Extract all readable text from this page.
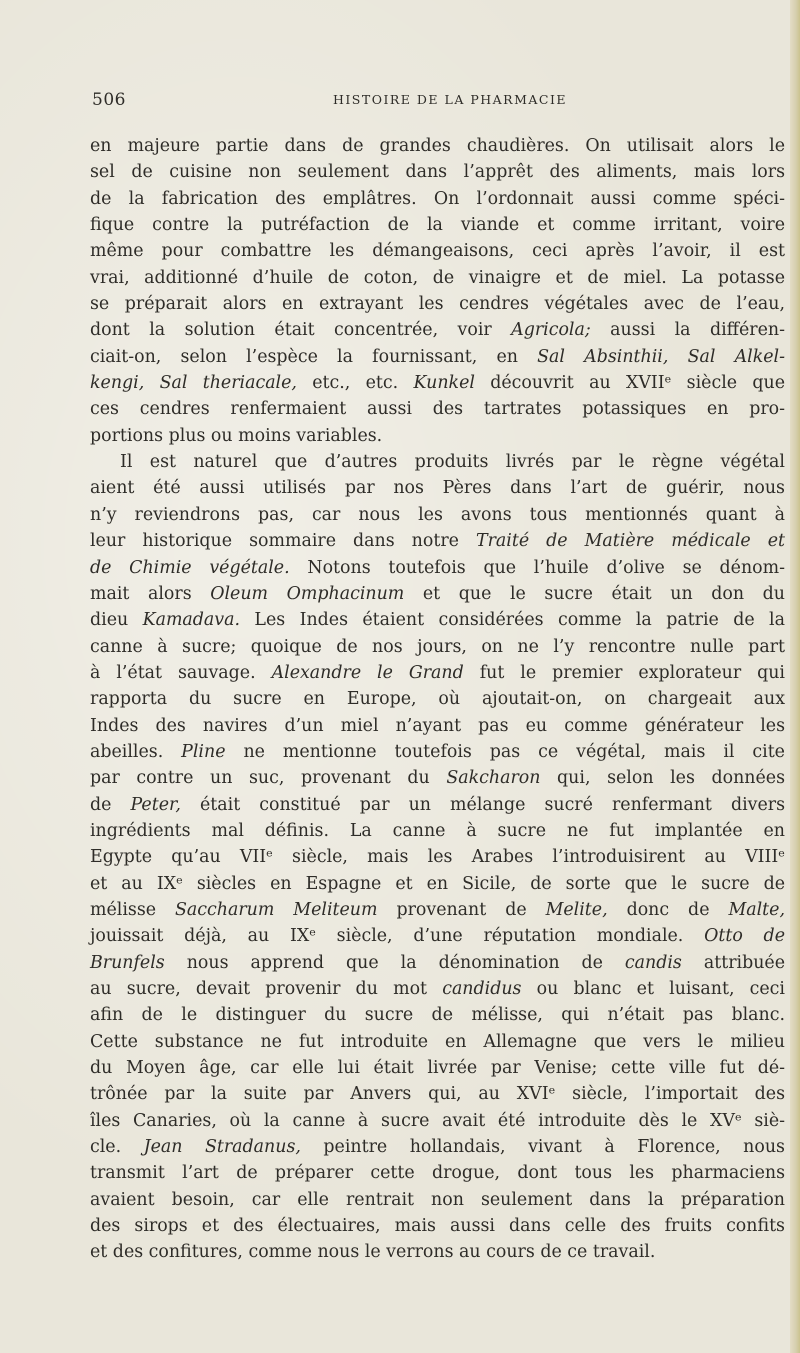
506	HISTOIRE DE LA PHARMACIE
en majeure partie dans de grandes chaudières. On utilisait alors le
sel de cuisine non seulement dans l’apprêt des aliments, mais lors
de la fabrication des emplâtres. On l’ordonnait aussi comme spéci-
fique contre la putréfaction de la viande et comme irritant, voire
même pour combattre les démangeaisons, ceci après l’avoir, il est
vrai, additionné d’huile de coton, de vinaigre et de miel. La potasse
se préparait alors en extrayant les cendres végétales avec de l’eau,
dont la solution était concentrée, voir Agricola; aussi la différen-
ciait-on, selon l’espèce la fournissant, en Sal Absinthii, Sal Alkel-
kengi, Sal theriacale, etc., etc. Kunkel découvrit au XVIIᵉ siècle que
ces cendres renfermaient aussi des tartrates potassiques en pro-
portions plus ou moins variables.
Il est naturel que d’autres produits livrés par le règne végétal
aient été aussi utilisés par nos Pères dans l’art de guérir, nous
n’y reviendrons pas, car nous les avons tous mentionnés quant à
leur historique sommaire dans notre Traité de Matière médicale et
de Chimie végétale. Notons toutefois que l’huile d’olive se dénom-
mait alors Oleum Omphacinum et que le sucre était un don du
dieu Kamadava. Les Indes étaient considérées comme la patrie de la
canne à sucre; quoique de nos jours, on ne l’y rencontre nulle part
à l’état sauvage. Alexandre le Grand fut le premier explorateur qui
rapporta du sucre en Europe, où ajoutait-on, on chargeait aux
Indes des navires d’un miel n’ayant pas eu comme générateur les
abeilles. Pline ne mentionne toutefois pas ce végétal, mais il cite
par contre un suc, provenant du Sakcharon qui, selon les données
de Peter, était constitué par un mélange sucré renfermant divers
ingrédients mal définis. La canne à sucre ne fut implantée en
Egypte qu’au VIIᵉ siècle, mais les Arabes l’introduisirent au VIIIᵉ
et au IXᵉ siècles en Espagne et en Sicile, de sorte que le sucre de
mélisse Saccharum Meliteum provenant de Melite, donc de Malte,
jouissait déjà, au IXᵉ siècle, d’une réputation mondiale. Otto de
Brunfels nous apprend que la dénomination de candis attribuée
au sucre, devait provenir du mot candidus ou blanc et luisant, ceci
afin de le distinguer du sucre de mélisse, qui n’était pas blanc.
Cette substance ne fut introduite en Allemagne que vers le milieu
du Moyen âge, car elle lui était livrée par Venise; cette ville fut dé-
trônée par la suite par Anvers qui, au XVIᵉ siècle, l’importait des
îles Canaries, où la canne à sucre avait été introduite dès le XVᵉ siè-
cle. Jean Stradanus, peintre hollandais, vivant à Florence, nous
transmit l’art de préparer cette drogue, dont tous les pharmaciens
avaient besoin, car elle rentrait non seulement dans la préparation
des sirops et des électuaires, mais aussi dans celle des fruits confits
et des confitures, comme nous le verrons au cours de ce travail.
